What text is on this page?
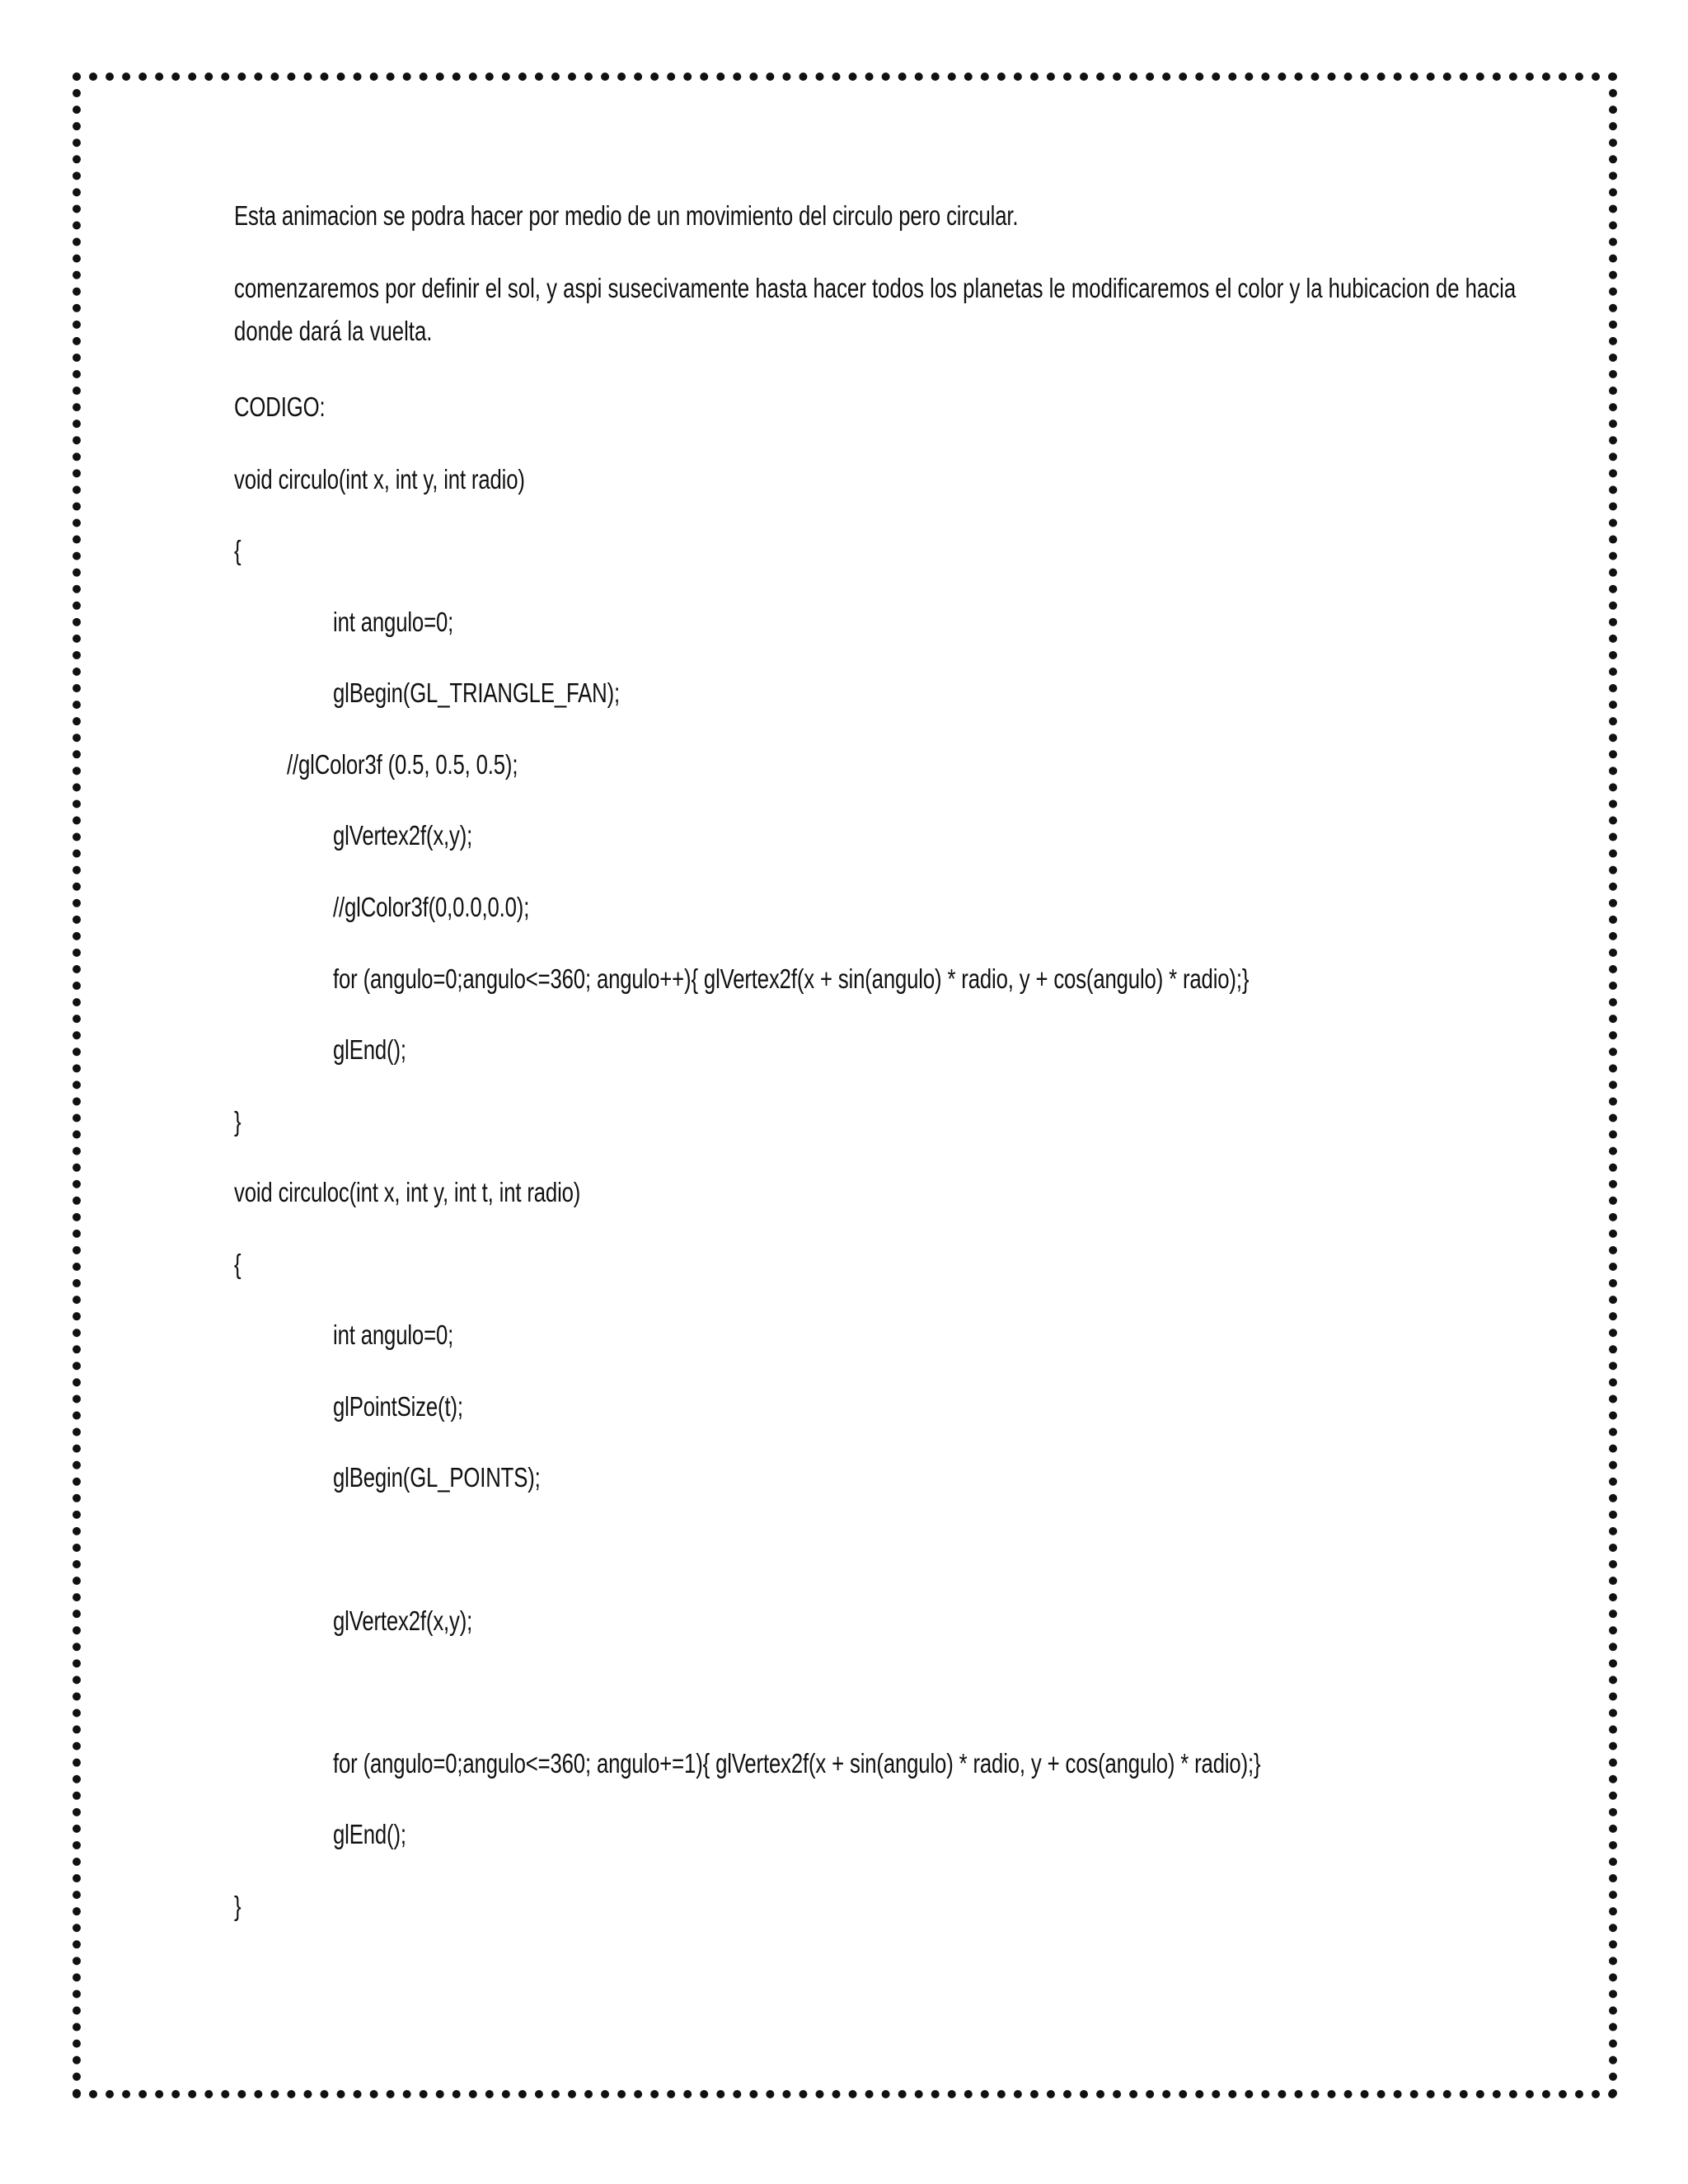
Esta animacion se podra hacer por medio de un movimiento del circulo pero circular.
comenzaremos por definir el sol, y aspi susecivamente hasta hacer todos los planetas le modificaremos el color y la hubicacion de hacia donde dará la vuelta.
CODIGO:
void circulo(int x, int y, int radio)
{
int angulo=0;
glBegin(GL_TRIANGLE_FAN);
//glColor3f (0.5, 0.5, 0.5);
glVertex2f(x,y);
//glColor3f(0,0.0,0.0);
for (angulo=0;angulo<=360; angulo++){ glVertex2f(x + sin(angulo) * radio, y + cos(angulo) * radio);}
glEnd();
}
void circuloc(int x, int y, int t, int radio)
{
int angulo=0;
glPointSize(t);
glBegin(GL_POINTS);
glVertex2f(x,y);
for (angulo=0;angulo<=360; angulo+=1){ glVertex2f(x + sin(angulo) * radio, y + cos(angulo) * radio);}
glEnd();
}
